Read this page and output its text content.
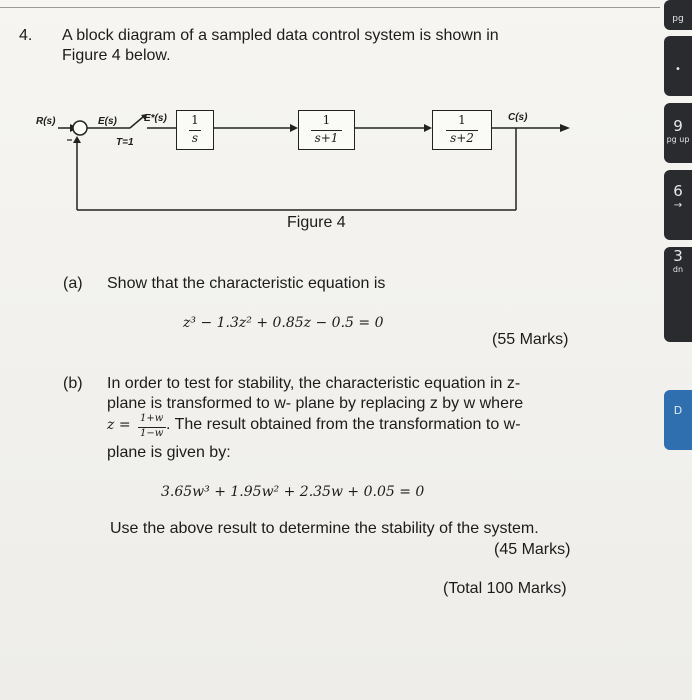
4. A block diagram of a sampled data control system is shown in
Figure 4 below.
R(s)	E(s)	E*(s)
T=1
C(s)
1
s
1
s+1
1
s+2
Figure 4
(a) Show that the characteristic equation is
z³ − 1.3z² + 0.85z − 0.5 = 0
(55 Marks)
(b) In order to test for stability, the characteristic equation in z-
plane is transformed to w- plane by replacing z by w where
z = 1+w
1−w
. The result obtained from the transformation to w-
plane is given by:
3.65w³ + 1.95w² + 2.35w + 0.05 = 0
Use the above result to determine the stability of the system.
(45 Marks)
(Total 100 Marks)
pg
•
9
pg up
6
→
3
dn
D
